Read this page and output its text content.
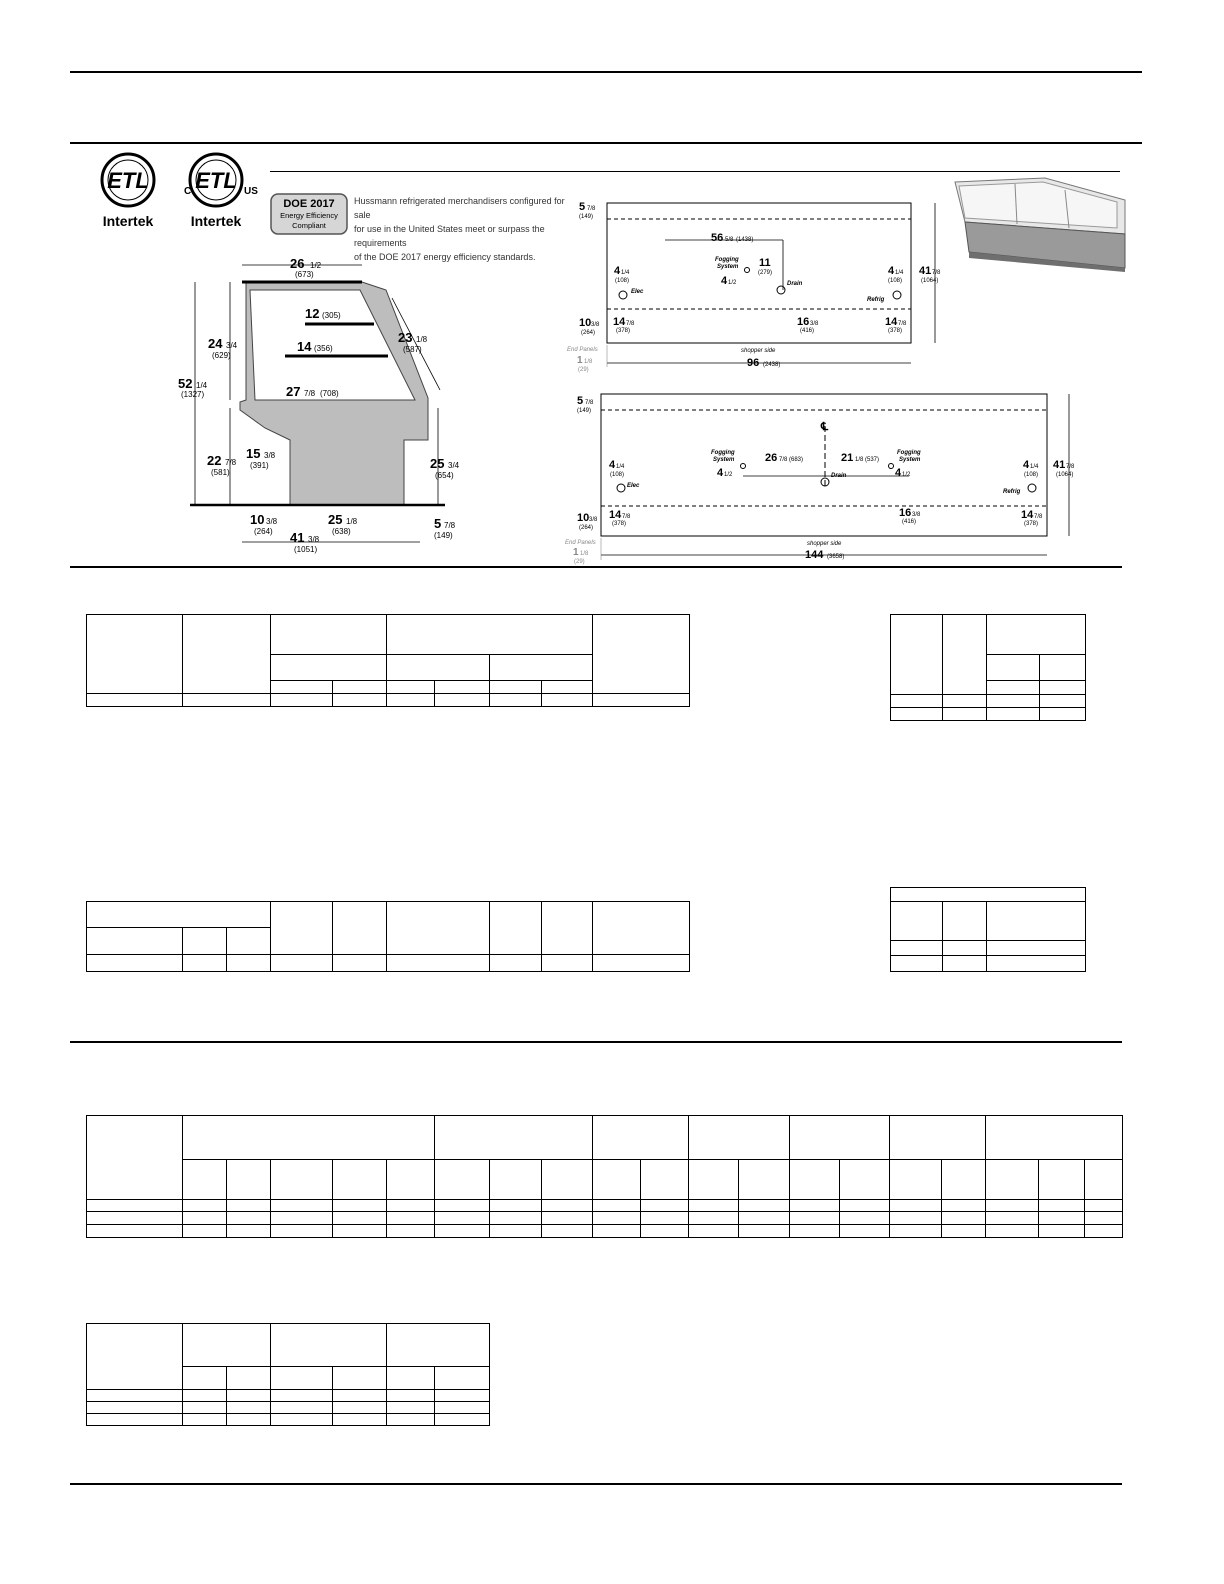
ETL
Intertek
C ETL US
Intertek
DOE 2017
Energy Efficiency
Compliant
Hussmann refrigerated merchandisers configured for sale
for use in the United States meet or surpass the requirements
of the DOE 2017 energy efficiency standards.
26 1/2
(673)
12 (305)
14 (356)
24 3/4
(629)
23 1/8
(587)
52 1/4
(1327)	27 7/8 (708)
22 7/8
(581)
15 3/8
(391)	25 3/4
(654)
10 3/8
(264)
25 1/8
(638)
5 7/8
(149)
41 3/8
(1051)
5 7/8
(149)
56 5/8 (1438)
Fogging
System 11
(279)
4 1/2
4 1/4
(108)
Elec
Drain
4 1/4
(108)
Refrig
41 7/8
(1064)
10 3/8
(264)
14 7/8
(378)
16 3/8
(416)
14 7/8
(378)
End Panels
1 1/8
(29)
shopper side
96 (2438)
5 7/8
(149)
℄
Fogging
System	26 7/8 (683)	21 1/8 (537)
Fogging
System
4 1/2	4 1/2
4 1/4
(108)
Elec
Drain
4 1/4
(108)
Refrig
41 7/8
(1064)
10 3/8
(264)
14 7/8
(378)
16 3/8
(416)
14 7/8
(378)
End Panels
1 1/8
(29)
shopper side
144 (3658)
